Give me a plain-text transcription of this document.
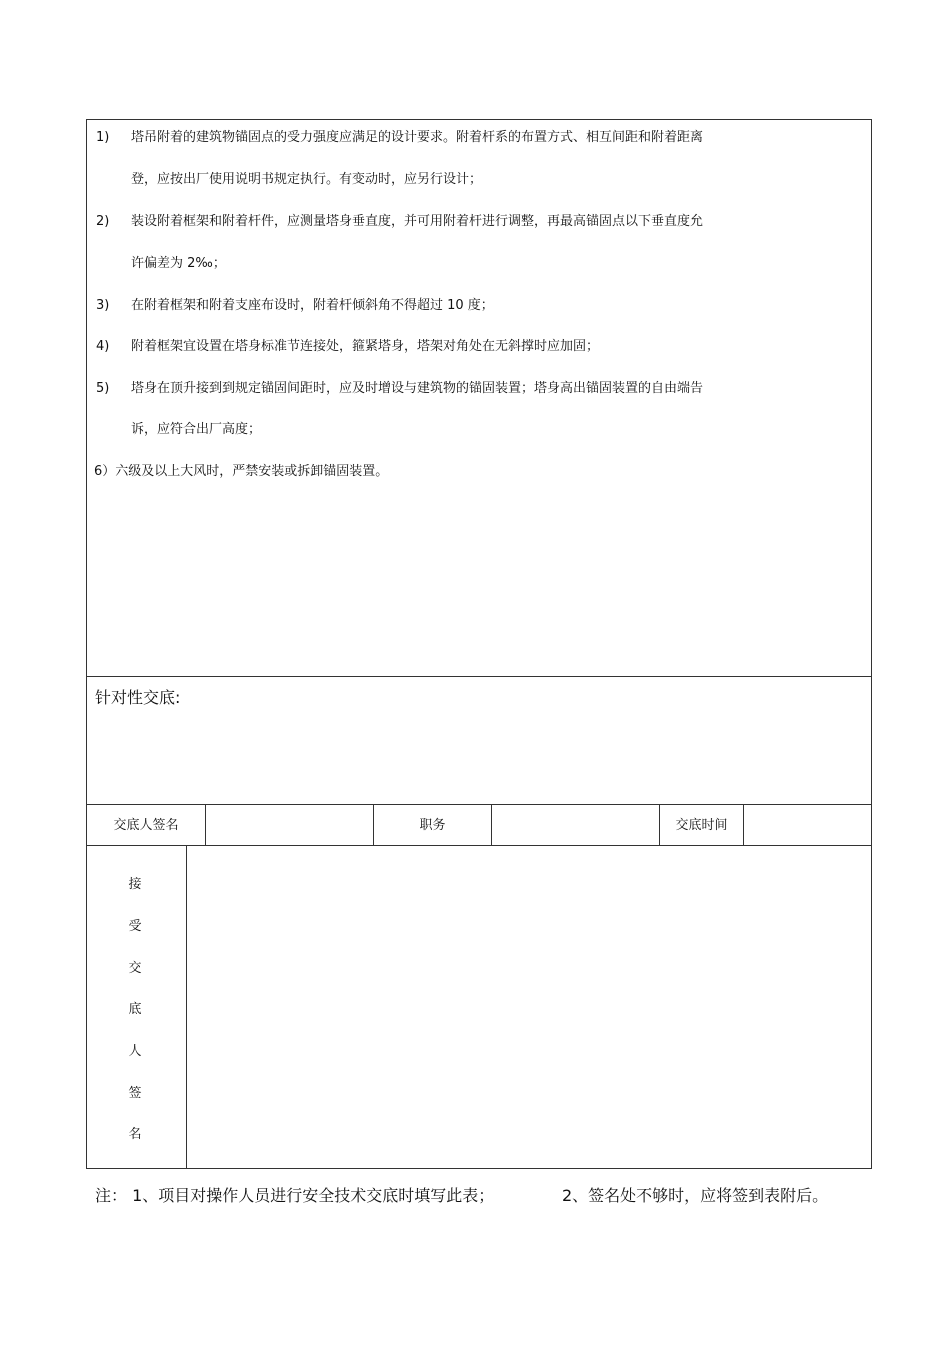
1) 塔吊附着的建筑物锚固点的受力强度应满足的设计要求。附着杆系的布置方式、相互间距和附着距离
登，应按出厂使用说明书规定执行。有变动时，应另行设计；
2) 装设附着框架和附着杆件，应测量塔身垂直度，并可用附着杆进行调整，再最高锚固点以下垂直度允
许偏差为 2‰；
3) 在附着框架和附着支座布设时，附着杆倾斜角不得超过 10 度；
4) 附着框架宜设置在塔身标准节连接处，箍紧塔身，塔架对角处在无斜撑时应加固；
5) 塔身在顶升接到到规定锚固间距时，应及时增设与建筑物的锚固装置；塔身高出锚固装置的自由端告
诉，应符合出厂高度；
6）六级及以上大风时，严禁安装或拆卸锚固装置。
针对性交底:
交底人签名	职务	交底时间
接
受
交
底
人
签
名
注： 1、项目对操作人员进行安全技术交底时填写此表；	2、签名处不够时，应将签到表附后。
